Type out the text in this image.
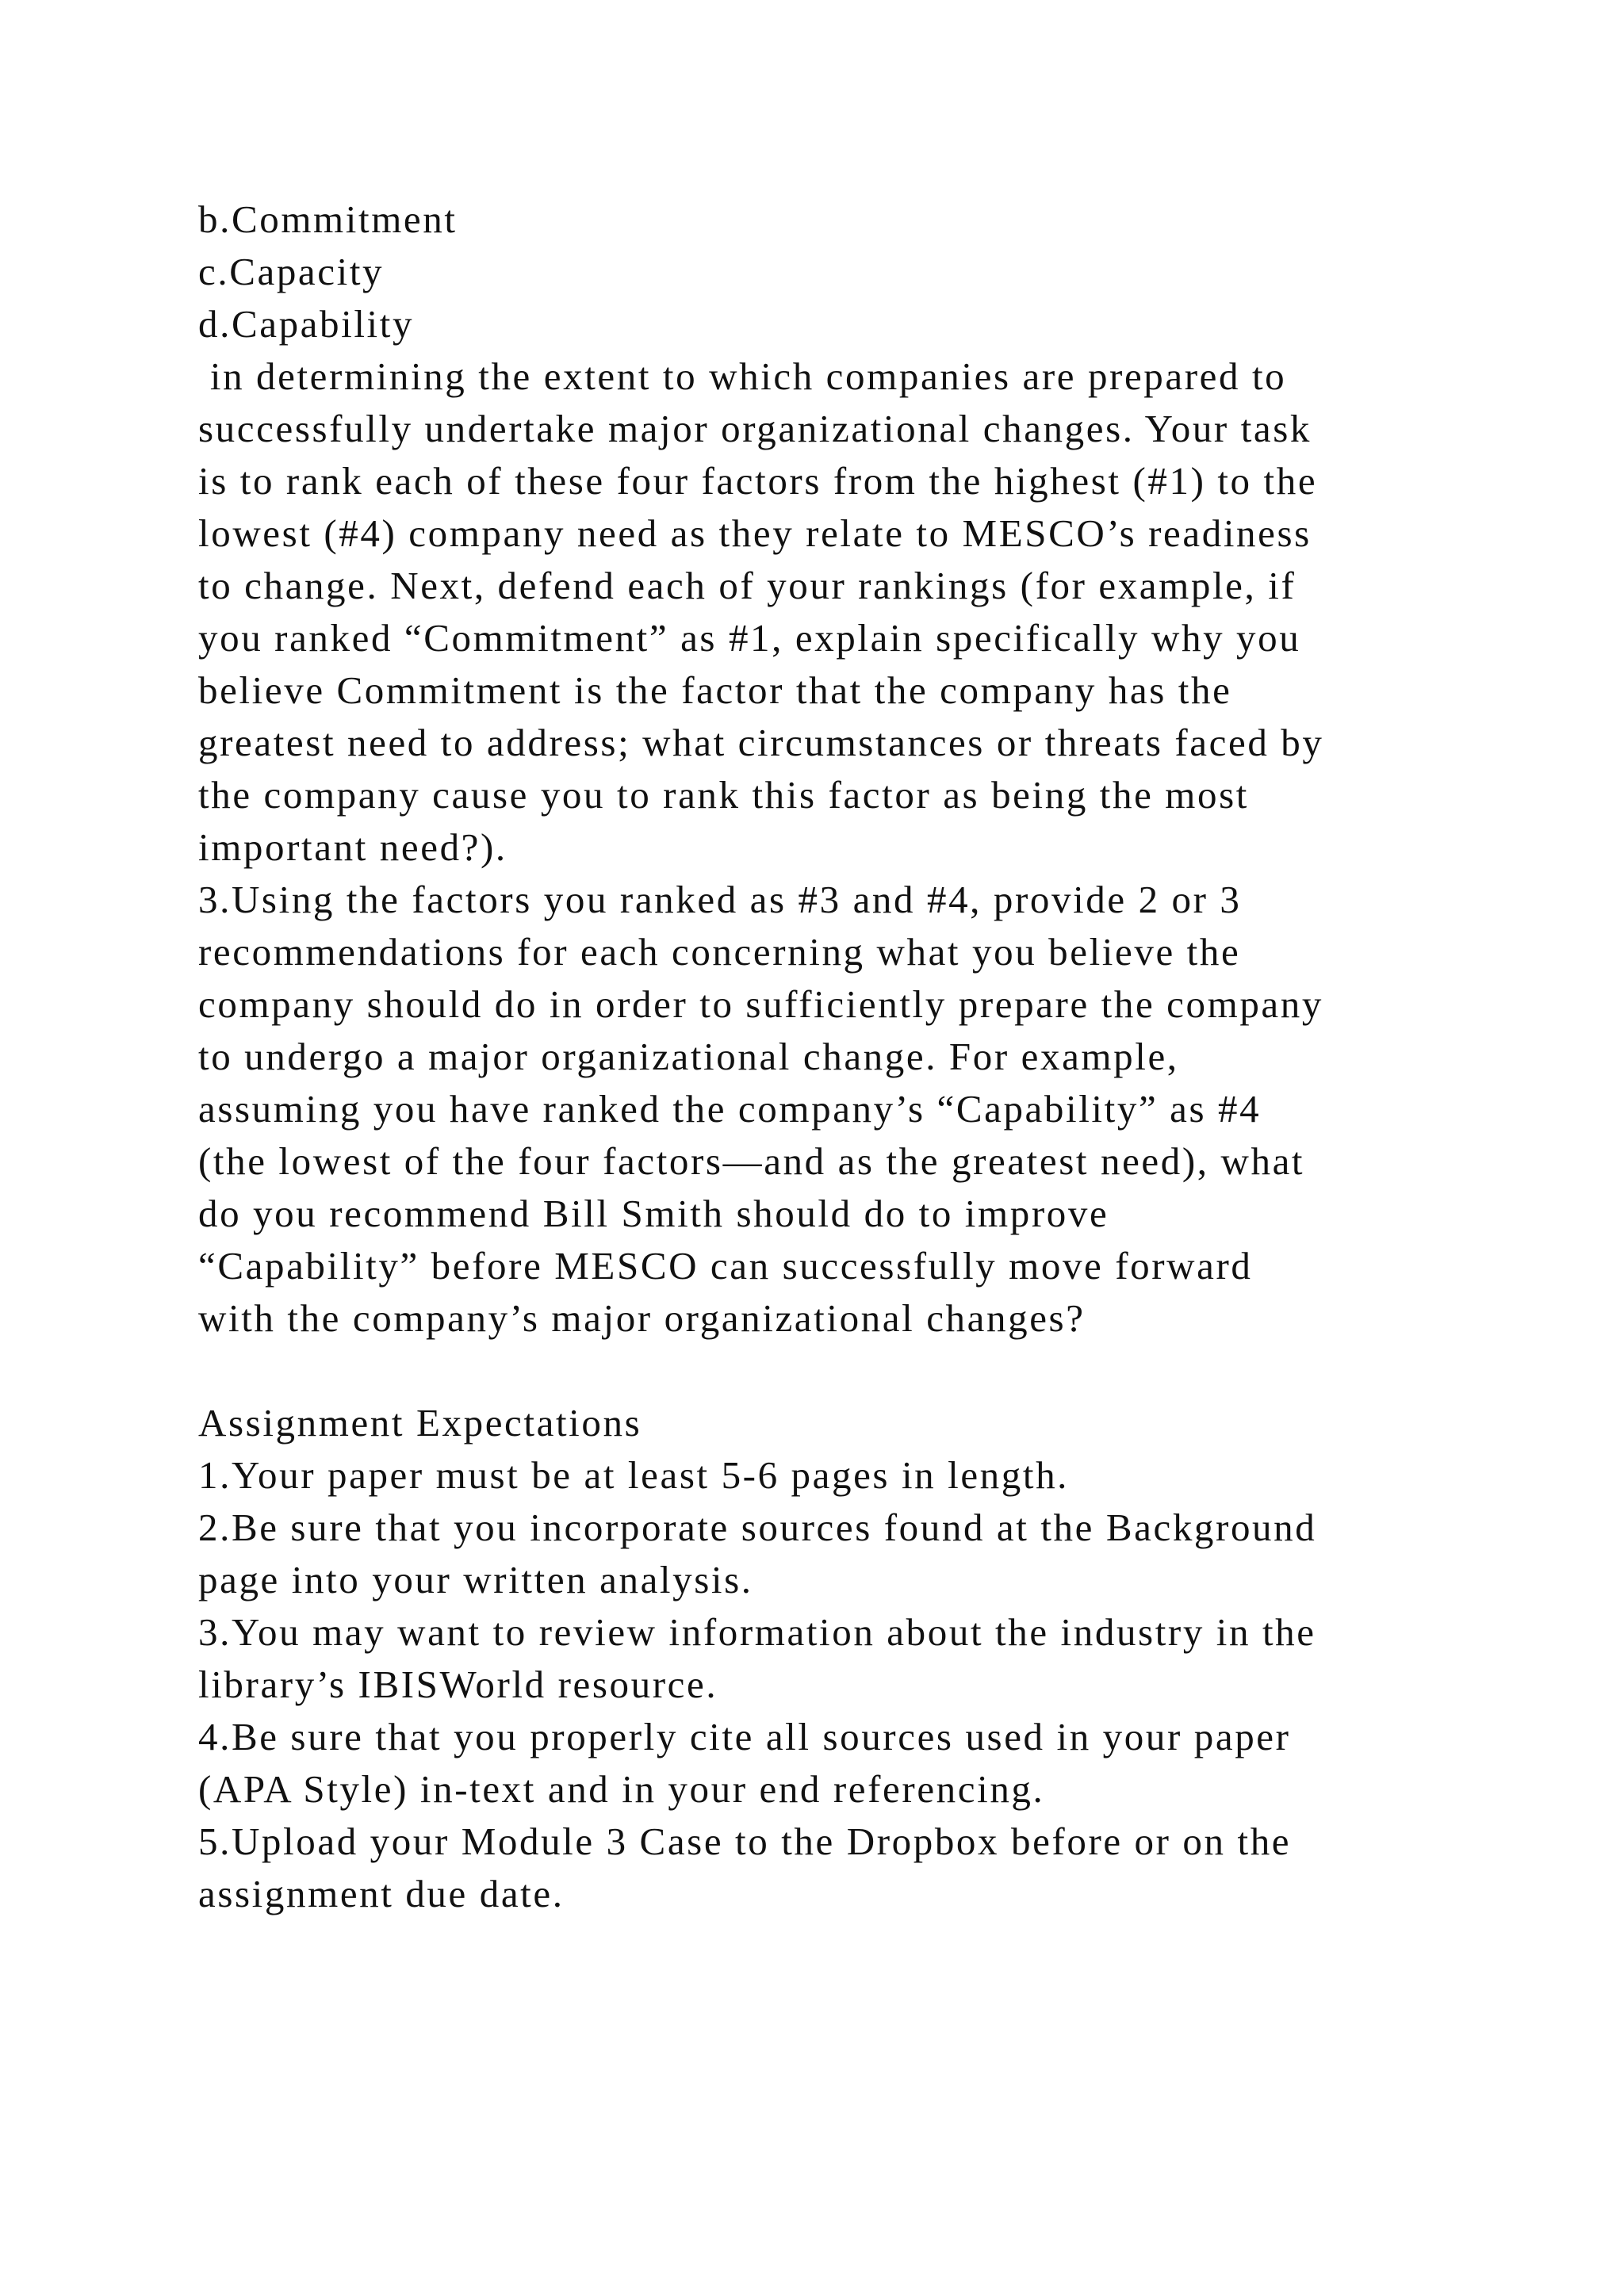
b.Commitment
c.Capacity
d.Capability
in determining the extent to which companies are prepared to
successfully undertake major organizational changes. Your task
is to rank each of these four factors from the highest (#1) to the
lowest (#4) company need as they relate to MESCO’s readiness
to change. Next, defend each of your rankings (for example, if
you ranked “Commitment” as #1, explain specifically why you
believe Commitment is the factor that the company has the
greatest need to address; what circumstances or threats faced by
the company cause you to rank this factor as being the most
important need?).
3.Using the factors you ranked as #3 and #4, provide 2 or 3
recommendations for each concerning what you believe the
company should do in order to sufficiently prepare the company
to undergo a major organizational change. For example,
assuming you have ranked the company’s “Capability” as #4
(the lowest of the four factors—and as the greatest need), what
do you recommend Bill Smith should do to improve
“Capability” before MESCO can successfully move forward
with the company’s major organizational changes?
Assignment Expectations
1.Your paper must be at least 5-6 pages in length.
2.Be sure that you incorporate sources found at the Background
page into your written analysis.
3.You may want to review information about the industry in the
library’s IBISWorld resource.
4.Be sure that you properly cite all sources used in your paper
(APA Style) in-text and in your end referencing.
5.Upload your Module 3 Case to the Dropbox before or on the
assignment due date.
